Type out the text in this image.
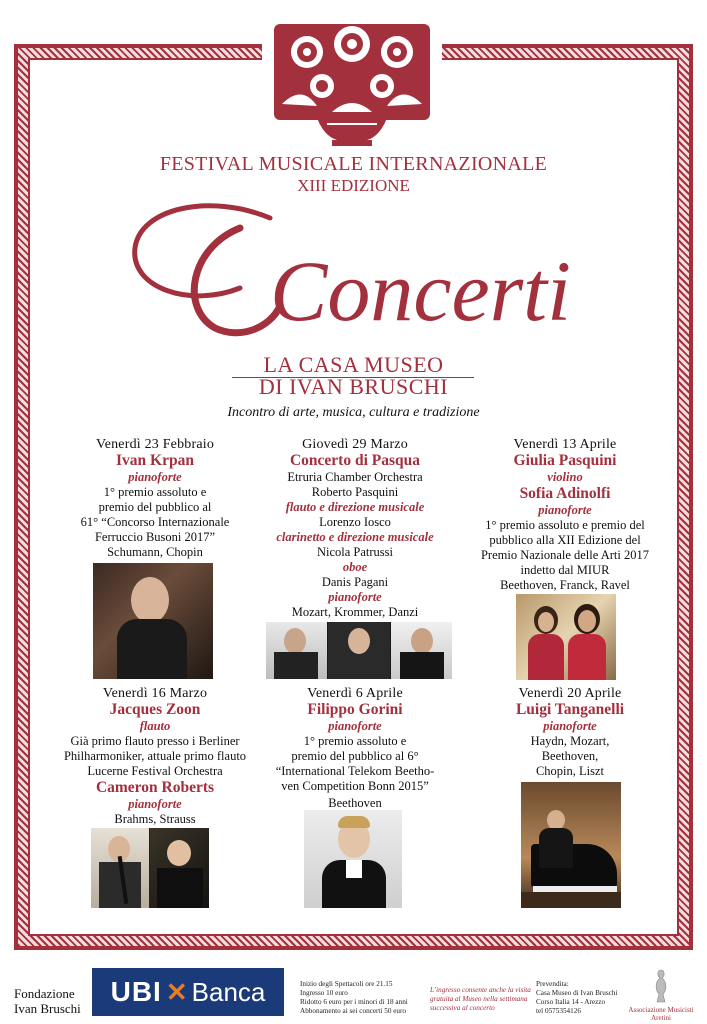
FESTIVAL MUSICALE INTERNAZIONALE
XIII EDIZIONE
Concerti
LA CASA MUSEO
DI IVAN BRUSCHI
Incontro di arte, musica, cultura e tradizione
Venerdì 23 Febbraio
Ivan Krpan
pianoforte
1° premio assoluto e
premio del pubblico al
61° “Concorso Internazionale
Ferruccio Busoni 2017”
Schumann, Chopin
Giovedì 29 Marzo
Concerto di Pasqua
Etruria Chamber Orchestra
Roberto Pasquini
flauto e direzione musicale
Lorenzo Iosco
clarinetto e direzione musicale
Nicola Patrussi
oboe
Danis Pagani
pianoforte
Mozart, Krommer, Danzi
Venerdì 13 Aprile
Giulia Pasquini
violino
Sofia Adinolfi
pianoforte
1° premio assoluto e premio del
pubblico alla XII Edizione del
Premio Nazionale delle Arti 2017
indetto dal MIUR
Beethoven, Franck, Ravel
Venerdì 16 Marzo
Jacques Zoon
flauto
Già primo flauto presso i Berliner
Philharmoniker, attuale primo flauto
Lucerne Festival Orchestra
Cameron Roberts
pianoforte
Brahms, Strauss
Venerdì 6 Aprile
Filippo Gorini
pianoforte
1° premio assoluto e
premio del pubblico al 6°
“International Telekom Beetho-
ven Competition Bonn 2015”
Beethoven
Venerdì 20 Aprile
Luigi Tanganelli
pianoforte
Haydn, Mozart,
Beethoven,
Chopin, Liszt
Fondazione
Ivan Bruschi
UBI ✕ Banca	Inizio degli Spettacoli ore 21.15
Ingresso 10 euro
Ridotto 6 euro per i minori di 18 anni
Abbonamento ai sei concerti 50 euro
L’ingresso consente anche la visita
gratuita al Museo nella settimana
successiva al concerto
Prevendita:
Casa Museo di Ivan Bruschi
Corso Italia 14 - Arezzo
tel 0575354126	Associazione Musicisti Aretini
